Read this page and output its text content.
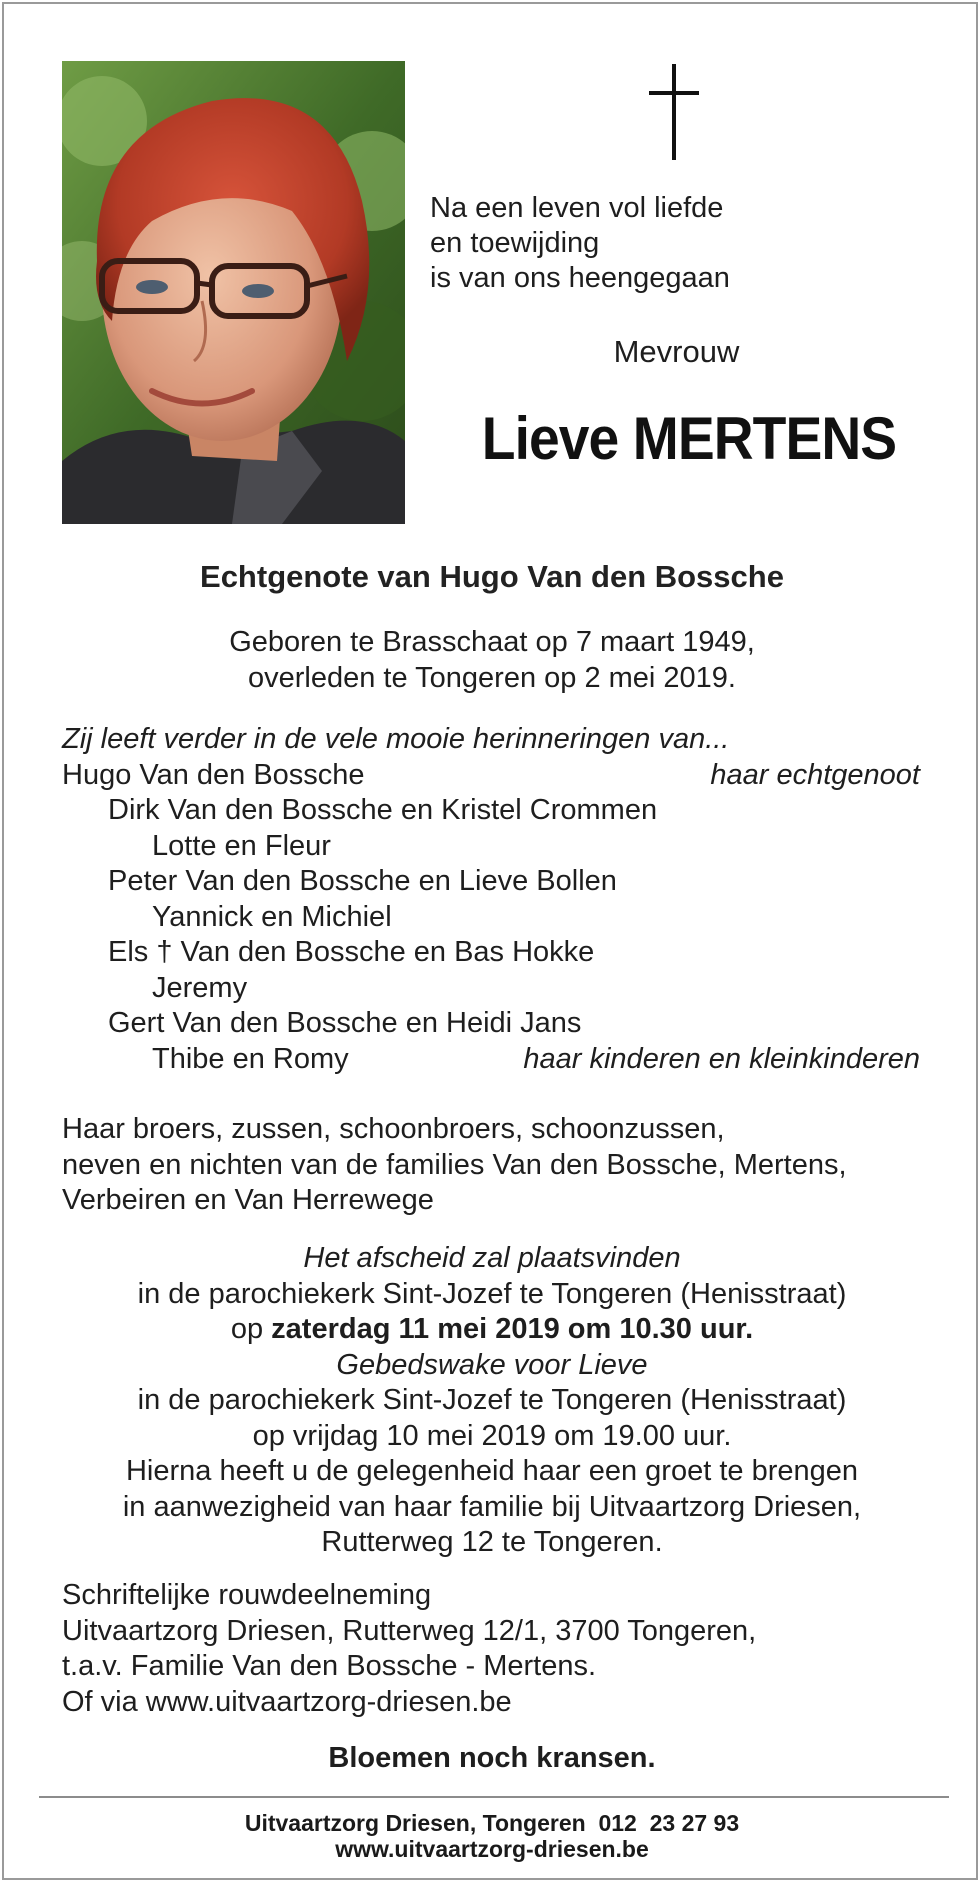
Na een leven vol liefde
en toewijding
is van ons heengegaan
Mevrouw
Lieve MERTENS
Echtgenote van Hugo Van den Bossche
Geboren te Brasschaat op 7 maart 1949,
overleden te Tongeren op 2 mei 2019.
Zij leeft verder in de vele mooie herinneringen van...
Hugo Van den Bossche	haar echtgenoot
Dirk Van den Bossche en Kristel Crommen
Lotte en Fleur
Peter Van den Bossche en Lieve Bollen
Yannick en Michiel
Els † Van den Bossche en Bas Hokke
Jeremy
Gert Van den Bossche en Heidi Jans
Thibe en Romy	haar kinderen en kleinkinderen
Haar broers, zussen, schoonbroers, schoonzussen,
neven en nichten van de families Van den Bossche, Mertens,
Verbeiren en Van Herrewege
Het afscheid zal plaatsvinden
in de parochiekerk Sint-Jozef te Tongeren (Henisstraat)
op zaterdag 11 mei 2019 om 10.30 uur.
Gebedswake voor Lieve
in de parochiekerk Sint-Jozef te Tongeren (Henisstraat)
op vrijdag 10 mei 2019 om 19.00 uur.
Hierna heeft u de gelegenheid haar een groet te brengen
in aanwezigheid van haar familie bij Uitvaartzorg Driesen,
Rutterweg 12 te Tongeren.
Schriftelijke rouwdeelneming
Uitvaartzorg Driesen, Rutterweg 12/1, 3700 Tongeren,
t.a.v. Familie Van den Bossche - Mertens.
Of via www.uitvaartzorg-driesen.be
Bloemen noch kransen.
Uitvaartzorg Driesen, Tongeren 012  23 27 93
www.uitvaartzorg-driesen.be
